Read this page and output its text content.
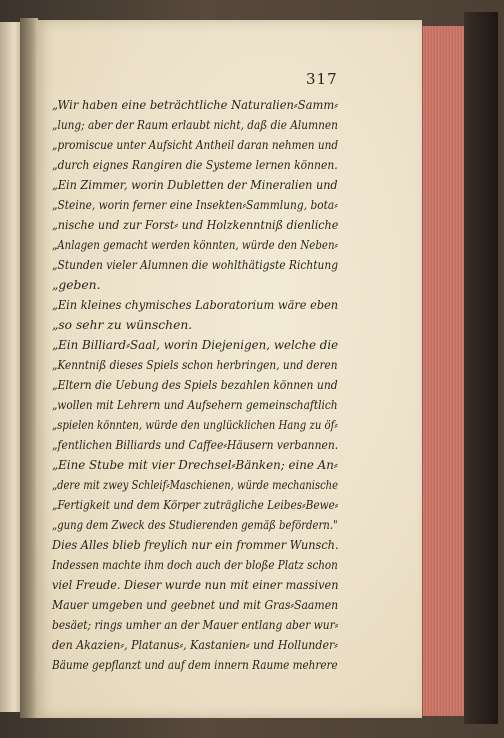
317
„Wir haben eine beträchtliche Naturalien⸗Samm⸗
„lung; aber der Raum erlaubt nicht, daß die Alumnen
„promiscue unter Aufsicht Antheil daran nehmen und
„durch eignes Rangiren die Systeme lernen können.
„Ein Zimmer, worin Dubletten der Mineralien und
„Steine, worin ferner eine Insekten⸗Sammlung, bota⸗
„nische und zur Forst⸗ und Holzkenntniß dienliche
„Anlagen gemacht werden könnten, würde den Neben⸗
„Stunden vieler Alumnen die wohlthätigste Richtung
„geben.
„Ein kleines chymisches Laboratorium wäre eben
„so sehr zu wünschen.
„Ein Billiard⸗Saal, worin Diejenigen, welche die
„Kenntniß dieses Spiels schon herbringen, und deren
„Eltern die Uebung des Spiels bezahlen können und
„wollen mit Lehrern und Aufsehern gemeinschaftlich
„spielen könnten, würde den unglücklichen Hang zu öf⸗
„fentlichen Billiards und Caffee⸗Häusern verbannen.
„Eine Stube mit vier Drechsel⸗Bänken; eine An⸗
„dere mit zwey Schleif⸗Maschienen, würde mechanische
„Fertigkeit und dem Körper zuträgliche Leibes⸗Bewe⸗
„gung dem Zweck des Studierenden gemäß befördern."
Dies Alles blieb freylich nur ein frommer Wunsch.
Indessen machte ihm doch auch der bloße Platz schon
viel Freude. Dieser wurde nun mit einer massiven
Mauer umgeben und geebnet und mit Gras⸗Saamen
besäet; rings umher an der Mauer entlang aber wur⸗
den Akazien⸗, Platanus⸗, Kastanien⸗ und Hollunder⸗
Bäume gepflanzt und auf dem innern Raume mehrere
